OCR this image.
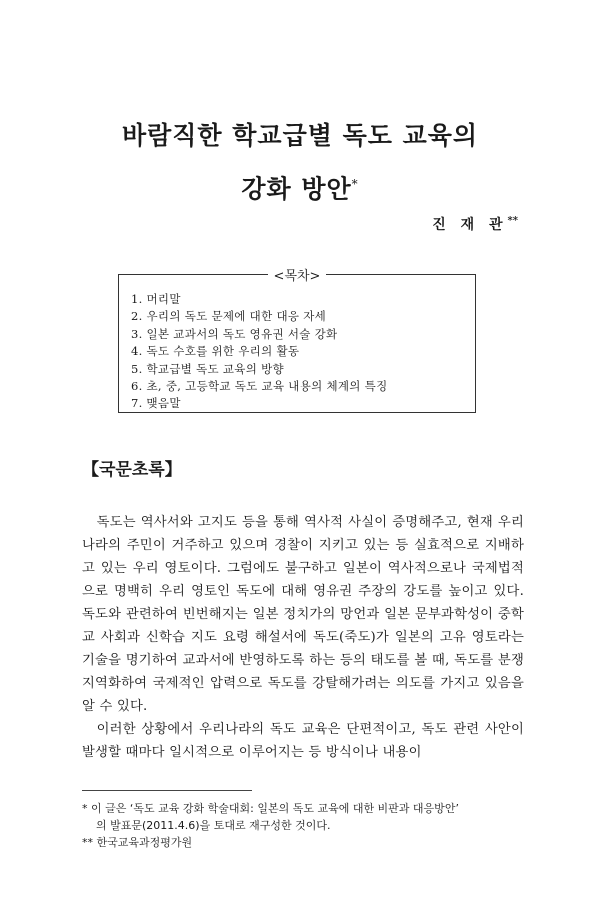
바람직한 학교급별 독도 교육의
강화 방안*
진 재 관**
<목차>
1. 머리말
2. 우리의 독도 문제에 대한 대응 자세
3. 일본 교과서의 독도 영유권 서술 강화
4. 독도 수호를 위한 우리의 활동
5. 학교급별 독도 교육의 방향
6. 초, 중, 고등학교 독도 교육 내용의 체계의 특징
7. 맺음말
【국문초록】

독도는 역사서와 고지도 등을 통해 역사적 사실이 증명해주고, 현재 우리나라의 주민이 거주하고 있으며 경찰이 지키고 있는 등 실효적으로 지배하고 있는 우리 영토이다. 그럼에도 불구하고 일본이 역사적으로나 국제법적으로 명백히 우리 영토인 독도에 대해 영유권 주장의 강도를 높이고 있다. 독도와 관련하여 빈번해지는 일본 정치가의 망언과 일본 문부과학성이 중학교 사회과 신학습 지도 요령 해설서에 독도(죽도)가 일본의 고유 영토라는 기술을 명기하여 교과서에 반영하도록 하는 등의 태도를 볼 때, 독도를 분쟁 지역화하여 국제적인 압력으로 독도를 강탈해가려는 의도를 가지고 있음을 알 수 있다.

이러한 상황에서 우리나라의 독도 교육은 단편적이고, 독도 관련 사안이 발생할 때마다 일시적으로 이루어지는 등 방식이나 내용이

* 이 글은 ‘독도 교육 강화 학술대회: 일본의 독도 교육에 대한 비판과 대응방안’
의 발표문(2011.4.6)을 토대로 재구성한 것이다.
** 한국교육과정평가원
